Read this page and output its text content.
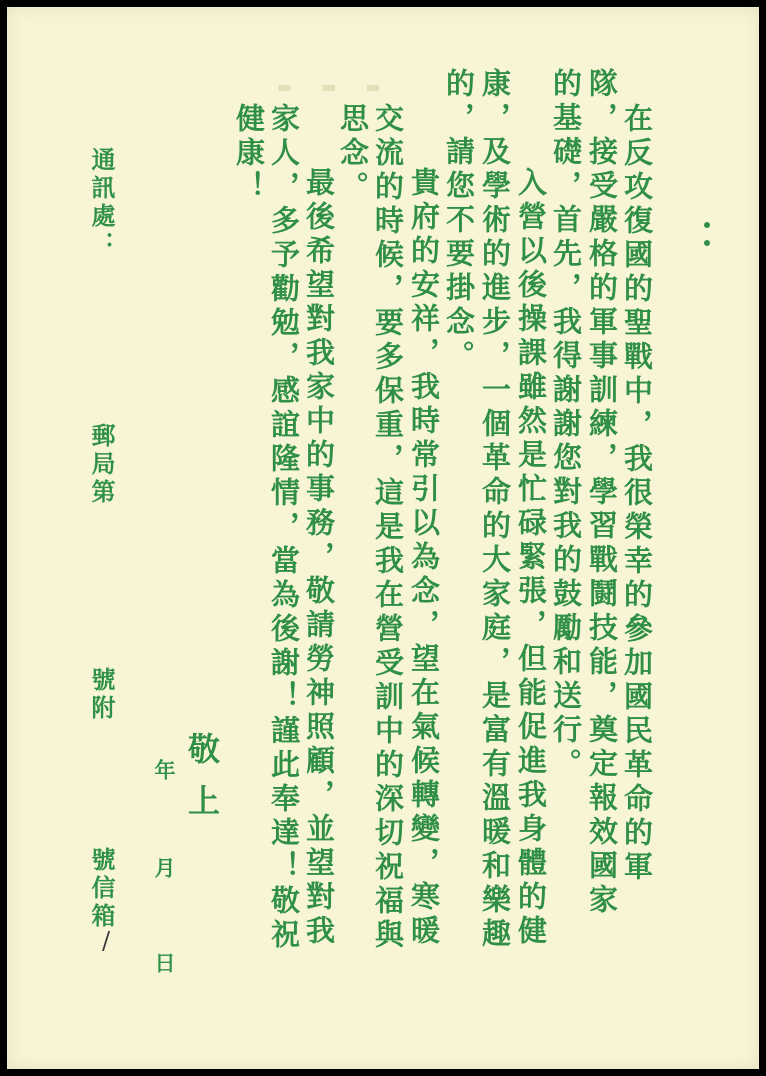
▬ ▬ ▬
在反攻復國的聖戰中，我很榮幸的參加國民革命的軍
隊，接受嚴格的軍事訓練，學習戰鬪技能，奠定報效國家
的基礎，首先，我得謝謝您對我的鼓勵和送行。
入營以後操課雖然是忙碌緊張，但能促進我身體的健
康，及學術的進步，一個革命的大家庭，是富有溫暖和樂趣
的，請您不要掛念。
貴府的安祥，我時常引以為念，望在氣候轉變，寒暖
交流的時候，要多保重，這是我在營受訓中的深切祝福與
思念。
最後希望對我家中的事務，敬請勞神照顧，並望對我
家人，多予勸勉，感誼隆情，當為後謝！謹此奉達！敬祝
健康！
敬上
年
月
日
通訊處：
郵局第
號附
號信箱
/
